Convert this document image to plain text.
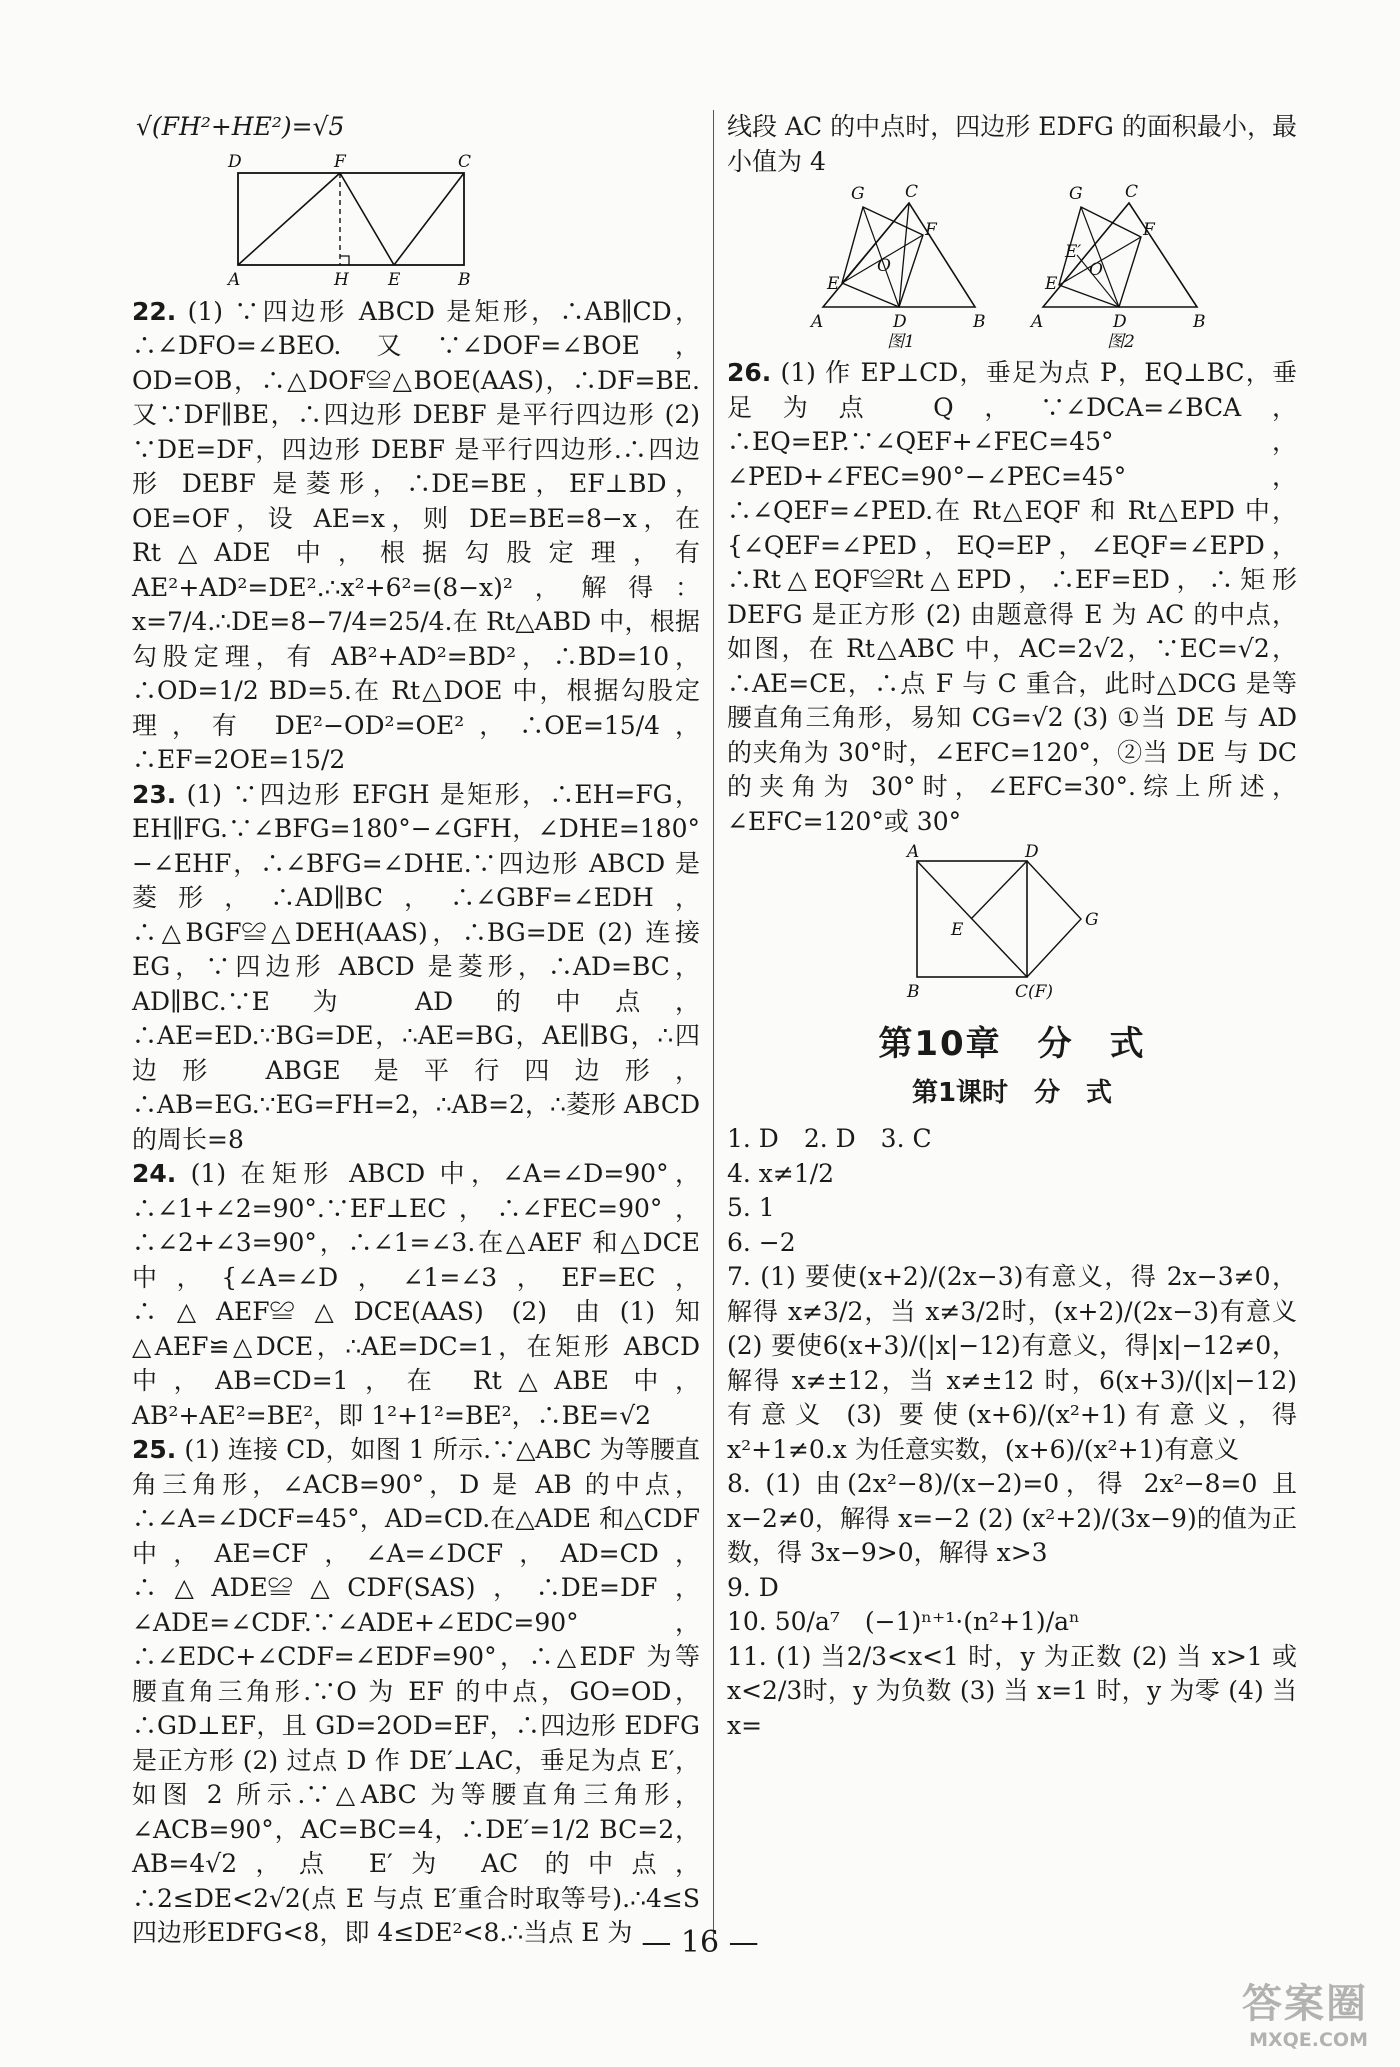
√(FH²+HE²)=√5

D	F	C
A	H E	B

22. (1) ∵四边形 ABCD 是矩形，∴AB∥CD，∴∠DFO=∠BEO.又∵∠DOF=∠BOE，OD=OB，∴△DOF≌△BOE(AAS)，∴DF=BE.又∵DF∥BE，∴四边形 DEBF 是平行四边形 (2) ∵DE=DF，四边形 DEBF 是平行四边形.∴四边形 DEBF 是菱形，∴DE=BE，EF⊥BD，OE=OF，设 AE=x，则 DE=BE=8−x，在 Rt△ADE 中，根据勾股定理，有 AE²+AD²=DE².∴x²+6²=(8−x)²，解得：x=7/4.∴DE=8−7/4=25/4.在 Rt△ABD 中，根据勾股定理，有 AB²+AD²=BD²，∴BD=10，∴OD=1/2 BD=5.在 Rt△DOE 中，根据勾股定理，有 DE²−OD²=OE²，∴OE=15/4，∴EF=2OE=15/2

23. (1) ∵四边形 EFGH 是矩形，∴EH=FG，EH∥FG.∵∠BFG=180°−∠GFH，∠DHE=180°−∠EHF，∴∠BFG=∠DHE.∵四边形 ABCD 是菱形，∴AD∥BC，∴∠GBF=∠EDH，∴△BGF≌△DEH(AAS)，∴BG=DE (2) 连接 EG，∵四边形 ABCD 是菱形，∴AD=BC，AD∥BC.∵E 为 AD 的中点，∴AE=ED.∵BG=DE，∴AE=BG，AE∥BG，∴四边形 ABGE 是平行四边形，∴AB=EG.∵EG=FH=2，∴AB=2，∴菱形 ABCD 的周长=8

24. (1) 在矩形 ABCD 中，∠A=∠D=90°，∴∠1+∠2=90°.∵EF⊥EC，∴∠FEC=90°，∴∠2+∠3=90°，∴∠1=∠3.在△AEF 和△DCE 中，{∠A=∠D，∠1=∠3，EF=EC，∴△AEF≌△DCE(AAS) (2) 由(1)知△AEF≌△DCE，∴AE=DC=1，在矩形 ABCD 中，AB=CD=1，在 Rt△ABE 中，AB²+AE²=BE²，即 1²+1²=BE²，∴BE=√2

25. (1) 连接 CD，如图 1 所示.∵△ABC 为等腰直角三角形，∠ACB=90°，D 是 AB 的中点，∴∠A=∠DCF=45°，AD=CD.在△ADE 和△CDF 中，AE=CF，∠A=∠DCF，AD=CD，∴△ADE≌△CDF(SAS)，∴DE=DF，∠ADE=∠CDF.∵∠ADE+∠EDC=90°，∴∠EDC+∠CDF=∠EDF=90°，∴△EDF 为等腰直角三角形.∵O 为 EF 的中点，GO=OD，∴GD⊥EF，且 GD=2OD=EF，∴四边形 EDFG 是正方形 (2) 过点 D 作 DE′⊥AC，垂足为点 E′，如图 2 所示.∵△ABC 为等腰直角三角形，∠ACB=90°，AC=BC=4，∴DE′=1/2 BC=2，AB=4√2，点 E′为 AC 的中点，∴2≤DE<2√2(点 E 与点 E′重合时取等号).∴4≤S四边形EDFG<8，即 4≤DE²<8.∴当点 E 为

线段 AC 的中点时，四边形 EDFG 的面积最小，最小值为 4

G C
F
E
O
A	D	B
图1
G C
F
E′
E
O
A	D	B
图2

26. (1) 作 EP⊥CD，垂足为点 P，EQ⊥BC，垂足为点 Q，∵∠DCA=∠BCA，∴EQ=EP.∵∠QEF+∠FEC=45°，∠PED+∠FEC=90°−∠PEC=45°，∴∠QEF=∠PED.在 Rt△EQF 和 Rt△EPD 中，{∠QEF=∠PED，EQ=EP，∠EQF=∠EPD，∴Rt△EQF≌Rt△EPD，∴EF=ED，∴矩形 DEFG 是正方形 (2) 由题意得 E 为 AC 的中点，如图，在 Rt△ABC 中，AC=2√2，∵EC=√2，∴AE=CE，∴点 F 与 C 重合，此时△DCG 是等腰直角三角形，易知 CG=√2 (3) ①当 DE 与 AD 的夹角为 30°时，∠EFC=120°，②当 DE 与 DC 的夹角为 30°时，∠EFC=30°.综上所述，∠EFC=120°或 30°

A	D
G
E
B	C(F)
第10章　分　式
第1课时　分　式

1. D　2. D　3. C

4. x≠1/2

5. 1

6. −2

7. (1) 要使(x+2)/(2x−3)有意义，得 2x−3≠0，解得 x≠3/2，当 x≠3/2时，(x+2)/(2x−3)有意义 (2) 要使6(x+3)/(|x|−12)有意义，得|x|−12≠0，解得 x≠±12，当 x≠±12 时，6(x+3)/(|x|−12)有意义 (3) 要使(x+6)/(x²+1)有意义，得 x²+1≠0.x 为任意实数，(x+6)/(x²+1)有意义

8. (1) 由(2x²−8)/(x−2)=0，得 2x²−8=0 且 x−2≠0，解得 x=−2 (2) (x²+2)/(3x−9)的值为正数，得 3x−9>0，解得 x>3

9. D

10. 50/a⁷　(−1)ⁿ⁺¹·(n²+1)/aⁿ

11. (1) 当2/3<x<1 时，y 为正数 (2) 当 x>1 或 x<2/3时，y 为负数 (3) 当 x=1 时，y 为零 (4) 当x=

— 16 —
答案圈
MXQE.COM
